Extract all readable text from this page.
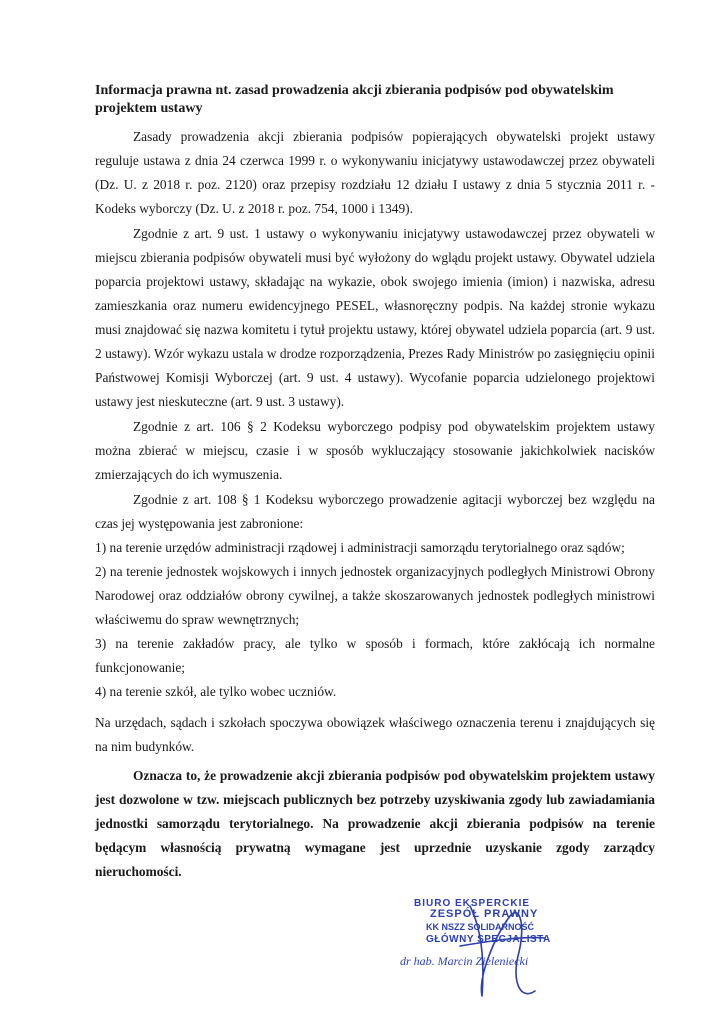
Informacja prawna nt. zasad prowadzenia akcji zbierania podpisów pod obywatelskim projektem ustawy

Zasady prowadzenia akcji zbierania podpisów popierających obywatelski projekt ustawy reguluje ustawa z dnia 24 czerwca 1999 r. o wykonywaniu inicjatywy ustawodawczej przez obywateli (Dz. U. z 2018 r. poz. 2120) oraz przepisy rozdziału 12 działu I ustawy z dnia 5 stycznia 2011 r. - Kodeks wyborczy (Dz. U. z 2018 r. poz. 754, 1000 i 1349).

Zgodnie z art. 9 ust. 1 ustawy o wykonywaniu inicjatywy ustawodawczej przez obywateli w miejscu zbierania podpisów obywateli musi być wyłożony do wglądu projekt ustawy. Obywatel udziela poparcia projektowi ustawy, składając na wykazie, obok swojego imienia (imion) i nazwiska, adresu zamieszkania oraz numeru ewidencyjnego PESEL, własnoręczny podpis. Na każdej stronie wykazu musi znajdować się nazwa komitetu i tytuł projektu ustawy, której obywatel udziela poparcia (art. 9 ust. 2 ustawy). Wzór wykazu ustala w drodze rozporządzenia, Prezes Rady Ministrów po zasięgnięciu opinii Państwowej Komisji Wyborczej (art. 9 ust. 4 ustawy). Wycofanie poparcia udzielonego projektowi ustawy jest nieskuteczne (art. 9 ust. 3 ustawy).

Zgodnie z art. 106 § 2 Kodeksu wyborczego podpisy pod obywatelskim projektem ustawy można zbierać w miejscu, czasie i w sposób wykluczający stosowanie jakichkolwiek nacisków zmierzających do ich wymuszenia.

Zgodnie z art. 108 § 1 Kodeksu wyborczego prowadzenie agitacji wyborczej bez względu na czas jej występowania jest zabronione:

1) na terenie urzędów administracji rządowej i administracji samorządu terytorialnego oraz sądów;

2) na terenie jednostek wojskowych i innych jednostek organizacyjnych podległych Ministrowi Obrony Narodowej oraz oddziałów obrony cywilnej, a także skoszarowanych jednostek podległych ministrowi właściwemu do spraw wewnętrznych;

3) na terenie zakładów pracy, ale tylko w sposób i formach, które zakłócają ich normalne funkcjonowanie;

4) na terenie szkół, ale tylko wobec uczniów.

Na urzędach, sądach i szkołach spoczywa obowiązek właściwego oznaczenia terenu i znajdujących się na nim budynków.

Oznacza to, że prowadzenie akcji zbierania podpisów pod obywatelskim projektem ustawy jest dozwolone w tzw. miejscach publicznych bez potrzeby uzyskiwania zgody lub zawiadamiania jednostki samorządu terytorialnego. Na prowadzenie akcji zbierania podpisów na terenie będącym własnością prywatną wymagane jest uprzednie uzyskanie zgody zarządcy nieruchomości.

BIURO EKSPERCKIE
ZESPÓŁ PRAWNY
KK NSZZ SOLIDARNOŚĆ
GŁÓWNY SPECJALISTA
dr hab. Marcin Zieleniecki
